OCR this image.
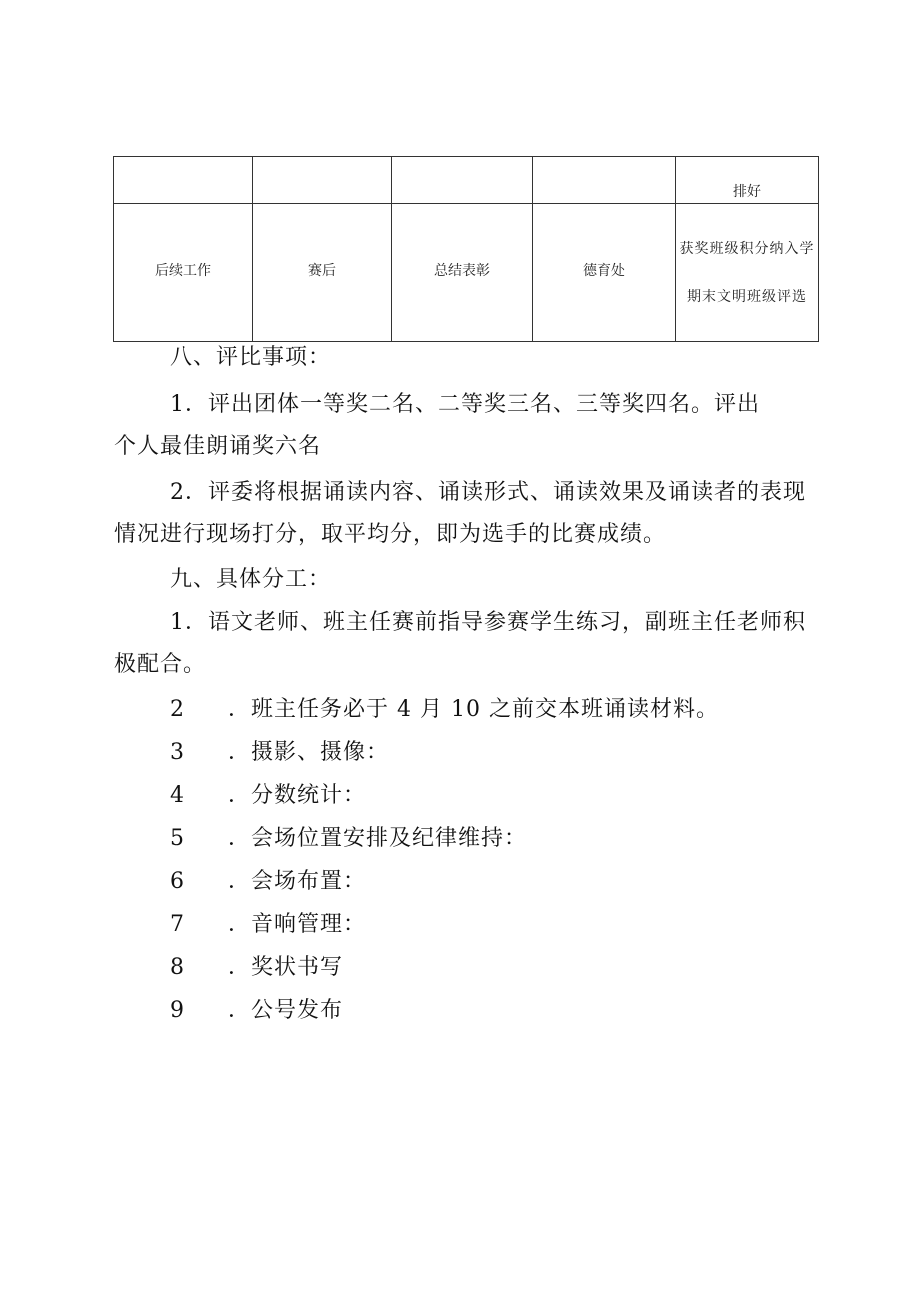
				排好
后续工作	赛后	总结表彰	德育处	获奖班级积分纳入学
期末文明班级评选
八、评比事项：
1．评出团体一等奖二名、二等奖三名、三等奖四名。评出
个人最佳朗诵奖六名
2．评委将根据诵读内容、诵读形式、诵读效果及诵读者的表现
情况进行现场打分，取平均分，即为选手的比赛成绩。
九、具体分工：
1．语文老师、班主任赛前指导参赛学生练习，副班主任老师积
极配合。
2 ．班主任务必于 4 月 10 之前交本班诵读材料。
3 ．摄影、摄像：
4 ．分数统计：
5 ．会场位置安排及纪律维持：
6 ．会场布置：
7 ．音响管理：
8 ．奖状书写
9 ．公号发布
